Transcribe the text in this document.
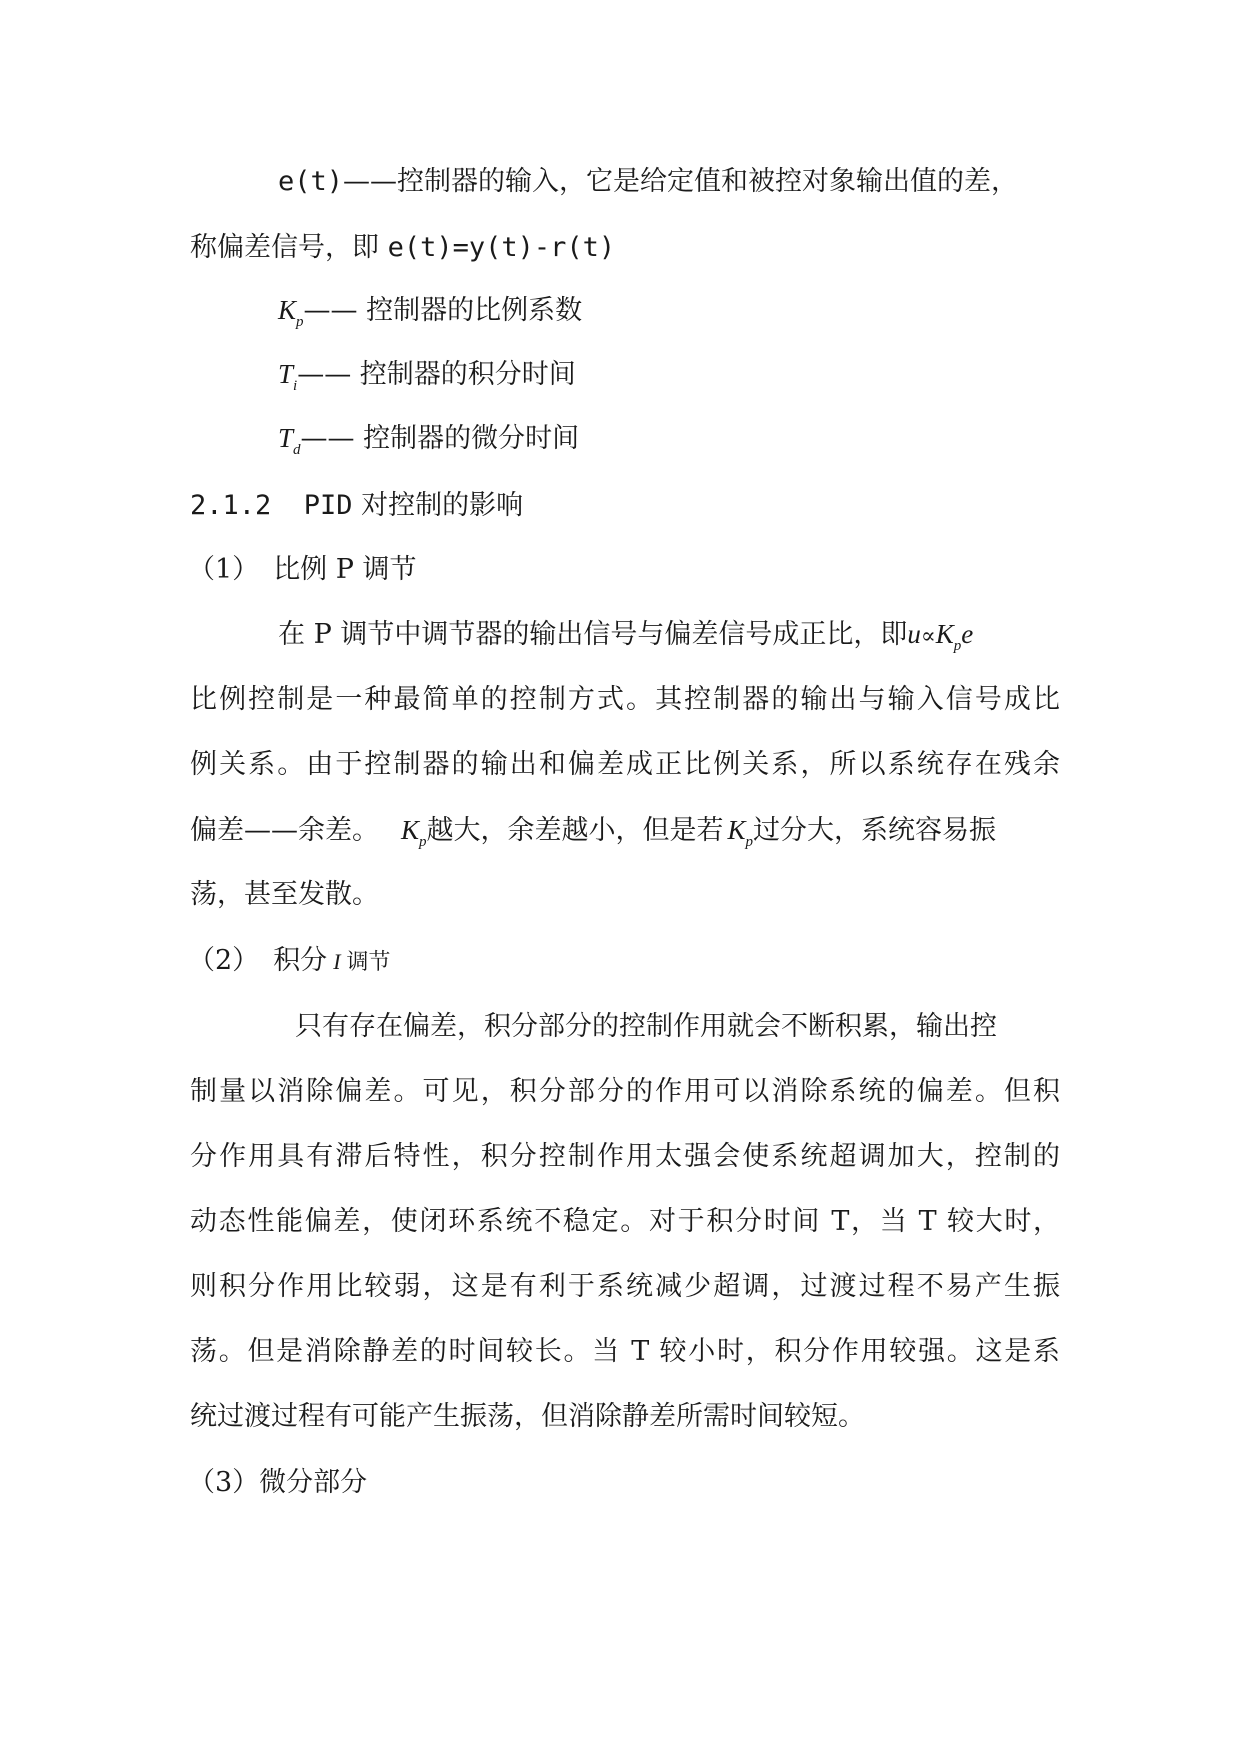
e(t)——控制器的输入，它是给定值和被控对象输出值的差，
称偏差信号，即 e(t)=y(t)-r(t)
$K_p——$ 控制器的比例系数
$T_i——$ 控制器的积分时间
$T_d——$ 控制器的微分时间
2.1.2  PID 对控制的影响
（1） 比例 P 调节
在 P 调节中调节器的输出信号与偏差信号成正比，即$u\propto K_pe$
比例控制是一种最简单的控制方式。其控制器的输出与输入信号成比
例关系。由于控制器的输出和偏差成正比例关系，所以系统存在残余
偏差——余差。 $K_p$越大，余差越小，但是若 $K_p$过分大，系统容易振
荡，甚至发散。
（2） 积分 I 调节
只有存在偏差，积分部分的控制作用就会不断积累，输出控
制量以消除偏差。可见，积分部分的作用可以消除系统的偏差。但积
分作用具有滞后特性，积分控制作用太强会使系统超调加大，控制的
动态性能偏差，使闭环系统不稳定。对于积分时间 T，当 T 较大时，
则积分作用比较弱，这是有利于系统减少超调，过渡过程不易产生振
荡。但是消除静差的时间较长。当 T 较小时，积分作用较强。这是系
统过渡过程有可能产生振荡，但消除静差所需时间较短。
（3）微分部分
